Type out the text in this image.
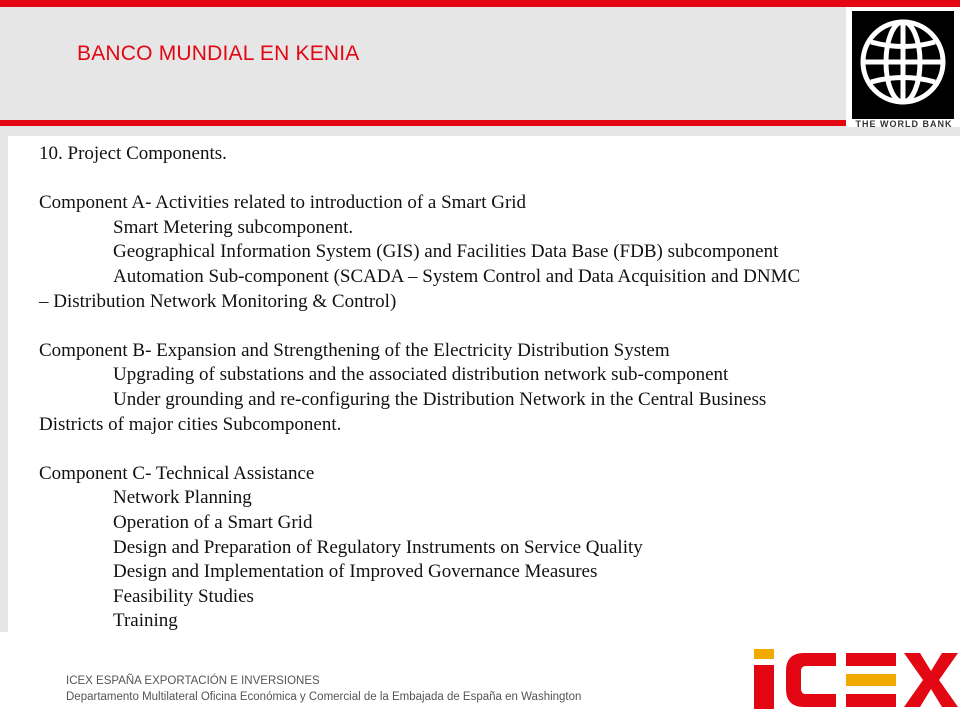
BANCO MUNDIAL EN KENIA
THE WORLD BANK
10. Project Components.
Component A- Activities related to introduction of a Smart Grid
Smart Metering subcomponent.
Geographical Information System (GIS) and Facilities Data Base (FDB) subcomponent
Automation Sub-component (SCADA – System Control and Data Acquisition and DNMC
– Distribution Network Monitoring & Control)
Component B- Expansion and Strengthening of the Electricity Distribution System
Upgrading of substations and the associated distribution network sub-component
Under grounding and re-configuring the Distribution Network in the Central Business
Districts of major cities Subcomponent.
Component C- Technical Assistance
Network Planning
Operation of a Smart Grid
Design and Preparation of Regulatory Instruments on Service Quality
Design and Implementation of Improved Governance Measures
Feasibility Studies
Training
ICEX ESPAÑA EXPORTACIÓN E INVERSIONES
Departamento Multilateral Oficina Económica y Comercial de la Embajada de España en Washington
